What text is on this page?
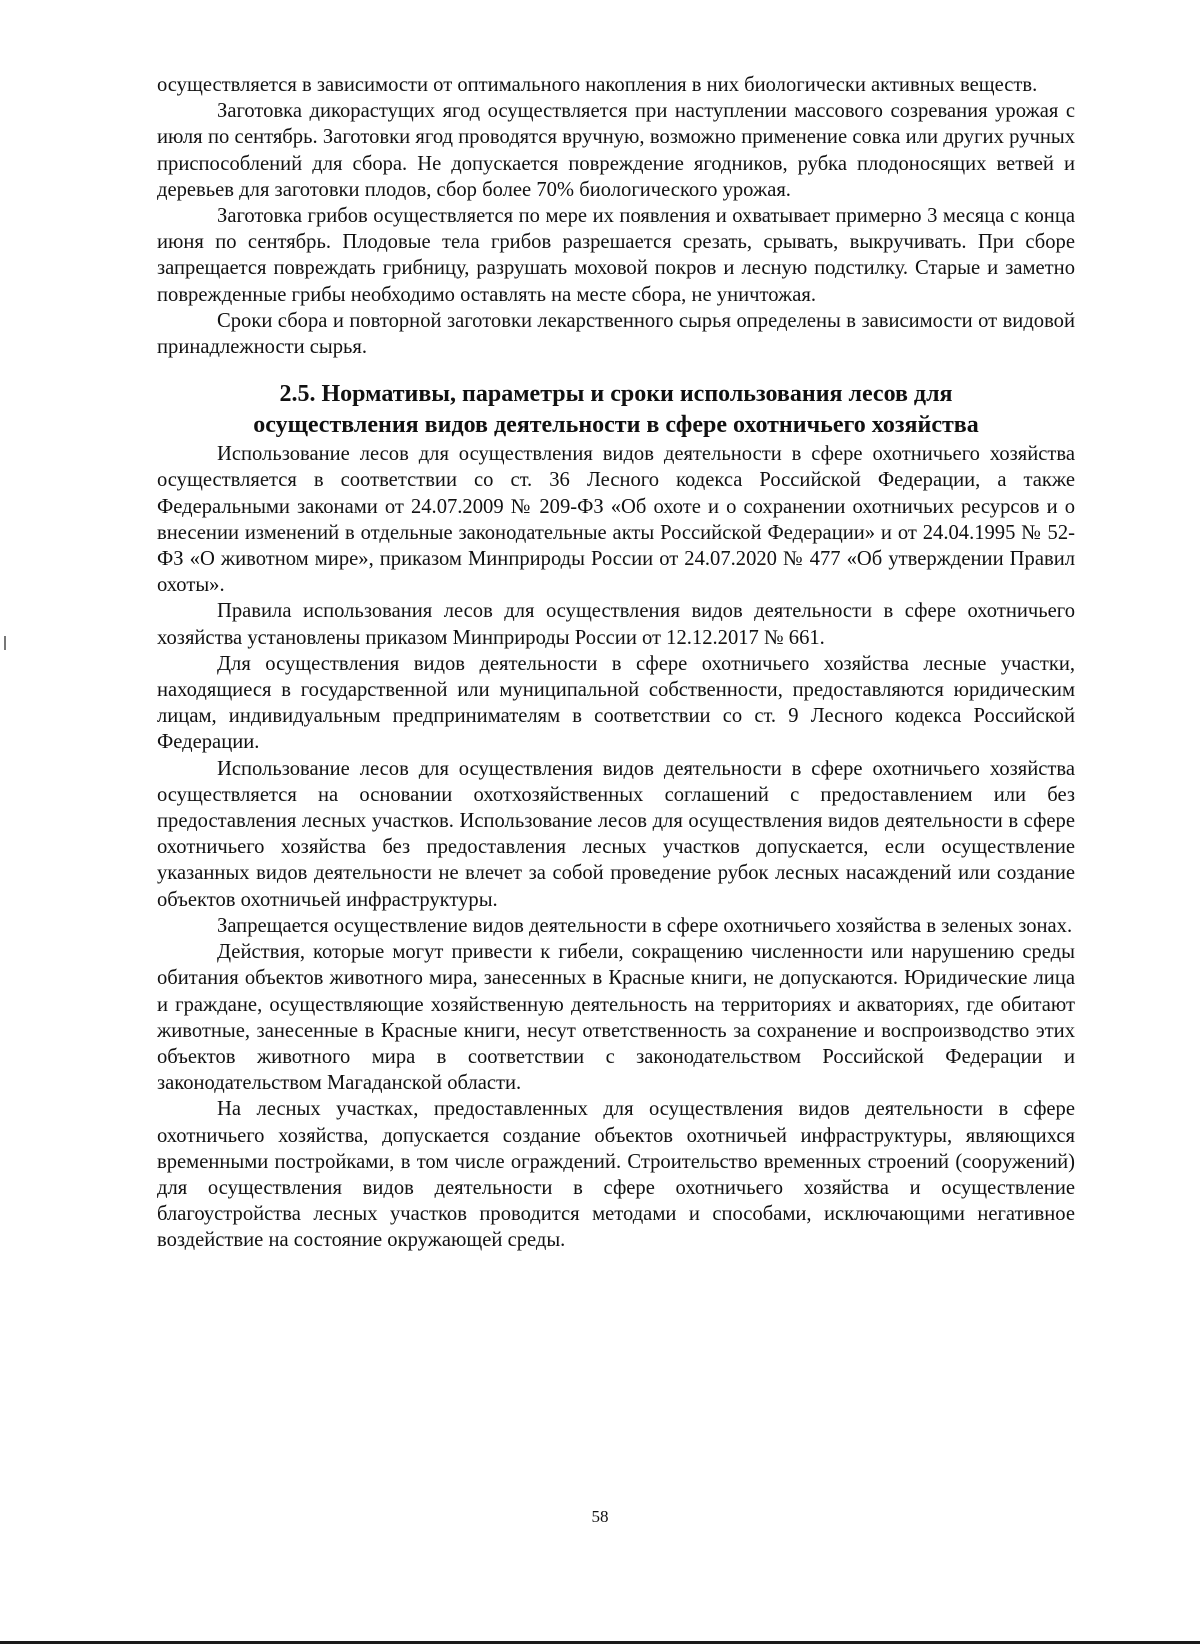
осуществляется в зависимости от оптимального накопления в них биологически активных веществ.

Заготовка дикорастущих ягод осуществляется при наступлении массового созревания урожая с июля по сентябрь. Заготовки ягод проводятся вручную, возможно применение совка или других ручных приспособлений для сбора. Не допускается повреждение ягодников, рубка плодоносящих ветвей и деревьев для заготовки плодов, сбор более 70% биологического урожая.

Заготовка грибов осуществляется по мере их появления и охватывает примерно 3 месяца с конца июня по сентябрь. Плодовые тела грибов разрешается срезать, срывать, выкручивать. При сборе запрещается повреждать грибницу, разрушать моховой покров и лесную подстилку. Старые и заметно поврежденные грибы необходимо оставлять на месте сбора, не уничтожая.

Сроки сбора и повторной заготовки лекарственного сырья определены в зависимости от видовой принадлежности сырья.

2.5. Нормативы, параметры и сроки использования лесов для
осуществления видов деятельности в сфере охотничьего хозяйства

Использование лесов для осуществления видов деятельности в сфере охотничьего хозяйства осуществляется в соответствии со ст. 36 Лесного кодекса Российской Федерации, а также Федеральными законами от 24.07.2009 № 209-ФЗ «Об охоте и о сохранении охотничьих ресурсов и о внесении изменений в отдельные законодательные акты Российской Федерации» и от 24.04.1995 № 52-ФЗ «О животном мире», приказом Минприроды России от 24.07.2020 № 477 «Об утверждении Правил охоты».

Правила использования лесов для осуществления видов деятельности в сфере охотничьего хозяйства установлены приказом Минприроды России от 12.12.2017 № 661.

Для осуществления видов деятельности в сфере охотничьего хозяйства лесные участки, находящиеся в государственной или муниципальной собственности, предоставляются юридическим лицам, индивидуальным предпринимателям в соответствии со ст. 9 Лесного кодекса Российской Федерации.

Использование лесов для осуществления видов деятельности в сфере охотничьего хозяйства осуществляется на основании охотхозяйственных соглашений с предоставлением или без предоставления лесных участков. Использование лесов для осуществления видов деятельности в сфере охотничьего хозяйства без предоставления лесных участков допускается, если осуществление указанных видов деятельности не влечет за собой проведение рубок лесных насаждений или создание объектов охотничьей инфраструктуры.

Запрещается осуществление видов деятельности в сфере охотничьего хозяйства в зеленых зонах.

Действия, которые могут привести к гибели, сокращению численности или нарушению среды обитания объектов животного мира, занесенных в Красные книги, не допускаются. Юридические лица и граждане, осуществляющие хозяйственную деятельность на территориях и акваториях, где обитают животные, занесенные в Красные книги, несут ответственность за сохранение и воспроизводство этих объектов животного мира в соответствии с законодательством Российской Федерации и законодательством Магаданской области.

На лесных участках, предоставленных для осуществления видов деятельности в сфере охотничьего хозяйства, допускается создание объектов охотничьей инфраструктуры, являющихся временными постройками, в том числе ограждений. Строительство временных строений (сооружений) для осуществления видов деятельности в сфере охотничьего хозяйства и осуществление благоустройства лесных участков проводится методами и способами, исключающими негативное воздействие на состояние окружающей среды.

58
